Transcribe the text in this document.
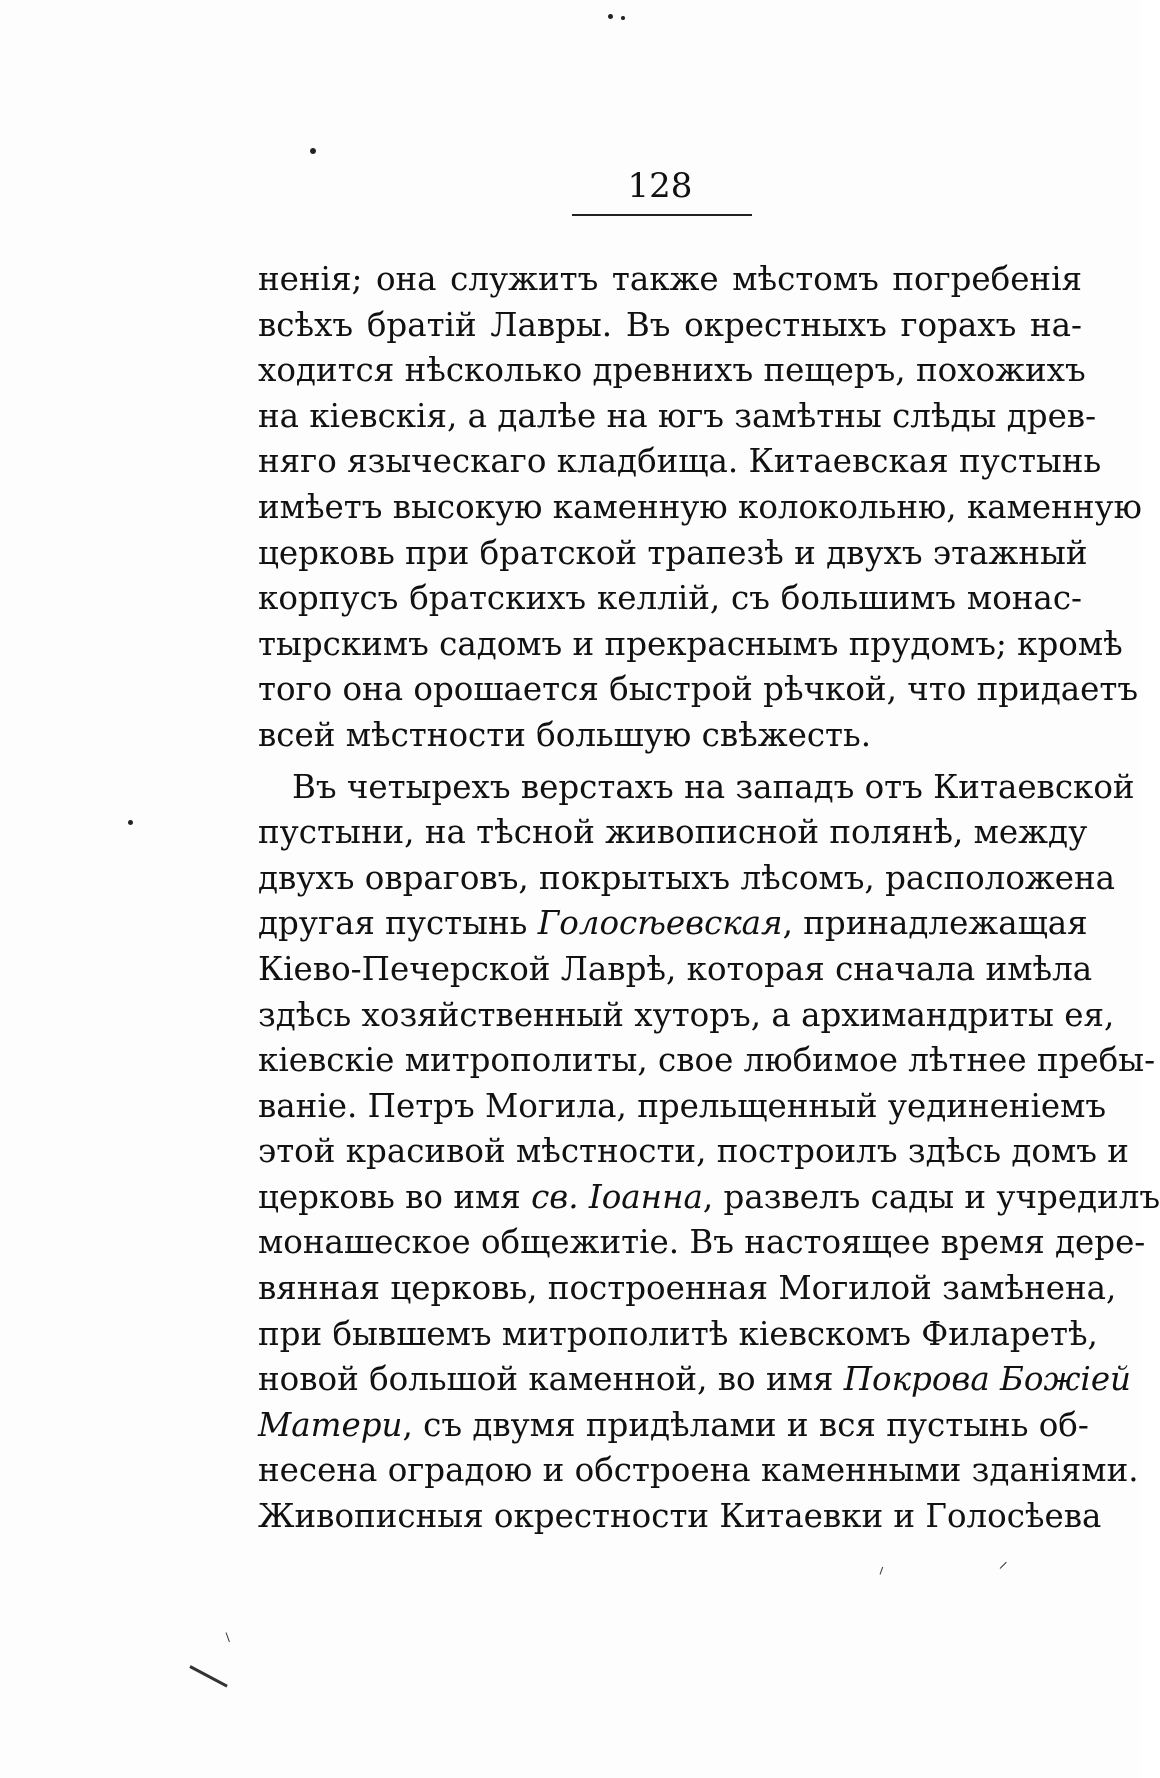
128
ненія; она служитъ также мѣстомъ погребенія
всѣхъ братій Лавры. Въ окрестныхъ горахъ на-
ходится нѣсколько древнихъ пещеръ, похожихъ
на кіевскія, а далѣе на югъ замѣтны слѣды древ-
няго языческаго кладбища. Китаевская пустынь
имѣетъ высокую каменную колокольню, каменную
церковь при братской трапезѣ и двухъ этажный
корпусъ братскихъ келлій, съ большимъ монас-
тырскимъ садомъ и прекраснымъ прудомъ; кромѣ
того она орошается быстрой рѣчкой, что придаетъ
всей мѣстности большую свѣжесть.
Въ четырехъ верстахъ на западъ отъ Китаевской
пустыни, на тѣсной живописной полянѣ, между
двухъ овраговъ, покрытыхъ лѣсомъ, расположена
другая пустынь Голосѣевская, принадлежащая
Кіево-Печерской Лаврѣ, которая сначала имѣла
здѣсь хозяйственный хуторъ, а архимандриты ея,
кіевскіе митрополиты, свое любимое лѣтнее пребы-
ваніе. Петръ Могила, прельщенный уединеніемъ
этой красивой мѣстности, построилъ здѣсь домъ и
церковь во имя св. Іоанна, развелъ сады и учредилъ
монашеское общежитіе. Въ настоящее время дере-
вянная церковь, построенная Могилой замѣнена,
при бывшемъ митрополитѣ кіевскомъ Филаретѣ,
новой большой каменной, во имя Покрова Божіей
Матери, съ двумя придѣлами и вся пустынь об-
несена оградою и обстроена каменными зданіями.
Живописныя окрестности Китаевки и Голосѣева
